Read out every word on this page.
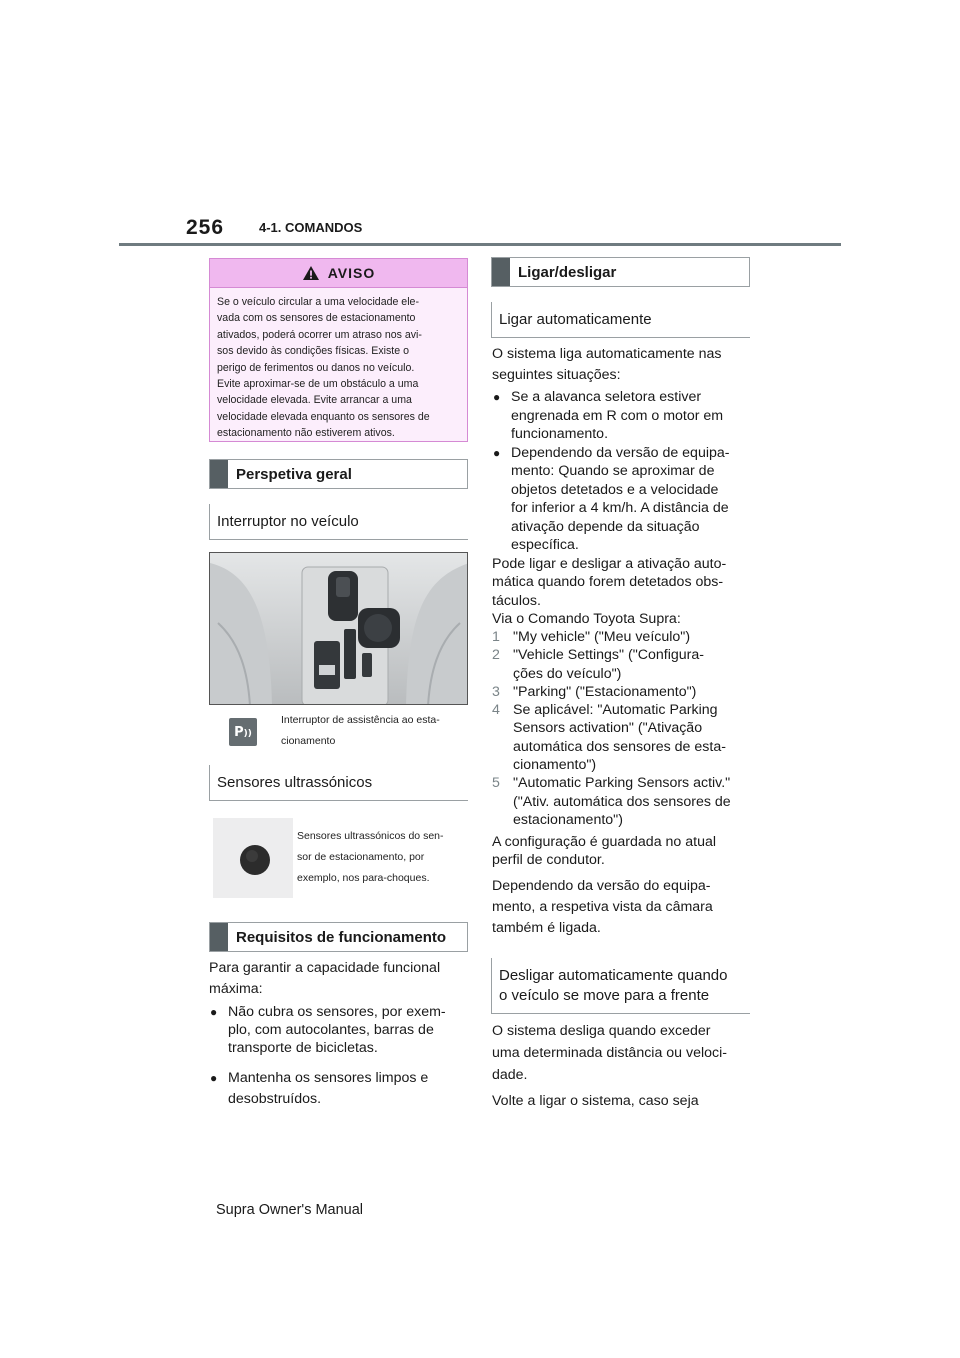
256	4-1. COMANDOS
AVISO
Se o veículo circular a uma velocidade ele-
vada com os sensores de estacionamento
ativados, poderá ocorrer um atraso nos avi-
sos devido às condições físicas. Existe o
perigo de ferimentos ou danos no veículo.
Evite aproximar-se de um obstáculo a uma
velocidade elevada. Evite arrancar a uma
velocidade elevada enquanto os sensores de
estacionamento não estiverem ativos.
Perspetiva geral
Interruptor no veículo
P))
Interruptor de assistência ao esta-
cionamento
Sensores ultrassónicos
Sensores ultrassónicos do sen-
sor de estacionamento, por
exemplo, nos para-choques.
Requisitos de funcionamento
Para garantir a capacidade funcional máxima:
● Não cubra os sensores, por exem-
plo, com autocolantes, barras de
transporte de bicicletas.
● Mantenha os sensores limpos e
desobstruídos.
Ligar/desligar
Ligar automaticamente
O sistema liga automaticamente nas
seguintes situações:
● Se a alavanca seletora estiver
engrenada em R com o motor em
funcionamento.
● Dependendo da versão de equipa-
mento: Quando se aproximar de
objetos detetados e a velocidade
for inferior a 4 km/h. A distância de
ativação depende da situação
específica.
Pode ligar e desligar a ativação auto-
mática quando forem detetados obs-
táculos.
Via o Comando Toyota Supra:
1 "My vehicle" ("Meu veículo")
2 "Vehicle Settings" ("Configura-
ções do veículo")
3 "Parking" ("Estacionamento")
4 Se aplicável: "Automatic Parking
Sensors activation" ("Ativação
automática dos sensores de esta-
cionamento")
5 "Automatic Parking Sensors activ."
("Ativ. automática dos sensores de
estacionamento")
A configuração é guardada no atual
perfil de condutor.
Dependendo da versão do equipa-
mento, a respetiva vista da câmara
também é ligada.
Desligar automaticamente quando
o veículo se move para a frente
O sistema desliga quando exceder
uma determinada distância ou veloci-
dade.
Volte a ligar o sistema, caso seja
Supra Owner's Manual
